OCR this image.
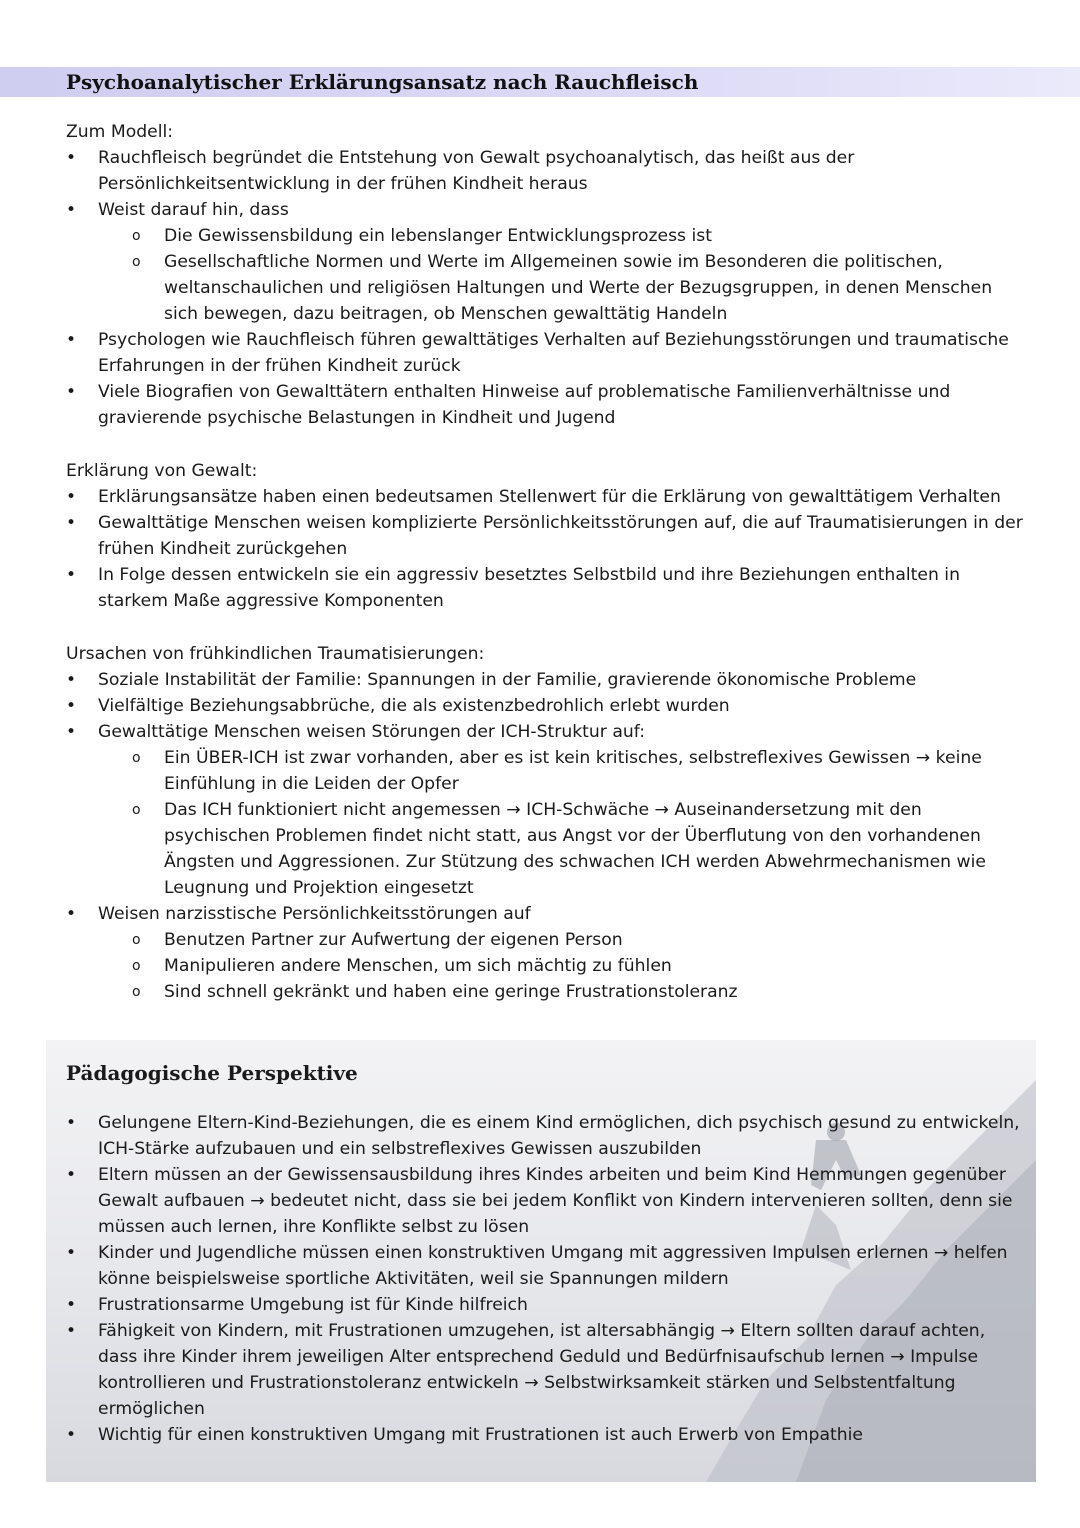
Psychoanalytischer Erklärungsansatz nach Rauchfleisch

Zum Modell:

• Rauchfleisch begründet die Entstehung von Gewalt psychoanalytisch, das heißt aus der Persönlichkeitsentwicklung in der frühen Kindheit heraus
• Weist darauf hin, dass
o Die Gewissensbildung ein lebenslanger Entwicklungsprozess ist
o Gesellschaftliche Normen und Werte im Allgemeinen sowie im Besonderen die politischen, weltanschaulichen und religiösen Haltungen und Werte der Bezugsgruppen, in denen Menschen sich bewegen, dazu beitragen, ob Menschen gewalttätig Handeln
• Psychologen wie Rauchfleisch führen gewalttätiges Verhalten auf Beziehungsstörungen und traumatische Erfahrungen in der frühen Kindheit zurück
• Viele Biografien von Gewalttätern enthalten Hinweise auf problematische Familienverhältnisse und gravierende psychische Belastungen in Kindheit und Jugend

Erklärung von Gewalt:

• Erklärungsansätze haben einen bedeutsamen Stellenwert für die Erklärung von gewalttätigem Verhalten
• Gewalttätige Menschen weisen komplizierte Persönlichkeitsstörungen auf, die auf Traumatisierungen in der frühen Kindheit zurückgehen
• In Folge dessen entwickeln sie ein aggressiv besetztes Selbstbild und ihre Beziehungen enthalten in starkem Maße aggressive Komponenten

Ursachen von frühkindlichen Traumatisierungen:

• Soziale Instabilität der Familie: Spannungen in der Familie, gravierende ökonomische Probleme
• Vielfältige Beziehungsabbrüche, die als existenzbedrohlich erlebt wurden
• Gewalttätige Menschen weisen Störungen der ICH-Struktur auf:
o Ein ÜBER-ICH ist zwar vorhanden, aber es ist kein kritisches, selbstreflexives Gewissen → keine Einfühlung in die Leiden der Opfer
o Das ICH funktioniert nicht angemessen → ICH-Schwäche → Auseinandersetzung mit den psychischen Problemen findet nicht statt, aus Angst vor der Überflutung von den vorhandenen Ängsten und Aggressionen. Zur Stützung des schwachen ICH werden Abwehrmechanismen wie Leugnung und Projektion eingesetzt
• Weisen narzisstische Persönlichkeitsstörungen auf
o Benutzen Partner zur Aufwertung der eigenen Person
o Manipulieren andere Menschen, um sich mächtig zu fühlen
o Sind schnell gekränkt und haben eine geringe Frustrationstoleranz
Pädagogische Perspektive
• Gelungene Eltern-Kind-Beziehungen, die es einem Kind ermöglichen, dich psychisch gesund zu entwickeln, ICH-Stärke aufzubauen und ein selbstreflexives Gewissen auszubilden
• Eltern müssen an der Gewissensausbildung ihres Kindes arbeiten und beim Kind Hemmungen gegenüber Gewalt aufbauen → bedeutet nicht, dass sie bei jedem Konflikt von Kindern intervenieren sollten, denn sie müssen auch lernen, ihre Konflikte selbst zu lösen
• Kinder und Jugendliche müssen einen konstruktiven Umgang mit aggressiven Impulsen erlernen → helfen könne beispielsweise sportliche Aktivitäten, weil sie Spannungen mildern
• Frustrationsarme Umgebung ist für Kinde hilfreich
• Fähigkeit von Kindern, mit Frustrationen umzugehen, ist altersabhängig → Eltern sollten darauf achten, dass ihre Kinder ihrem jeweiligen Alter entsprechend Geduld und Bedürfnisaufschub lernen → Impulse kontrollieren und Frustrationstoleranz entwickeln → Selbstwirksamkeit stärken und Selbstentfaltung ermöglichen
• Wichtig für einen konstruktiven Umgang mit Frustrationen ist auch Erwerb von Empathie
